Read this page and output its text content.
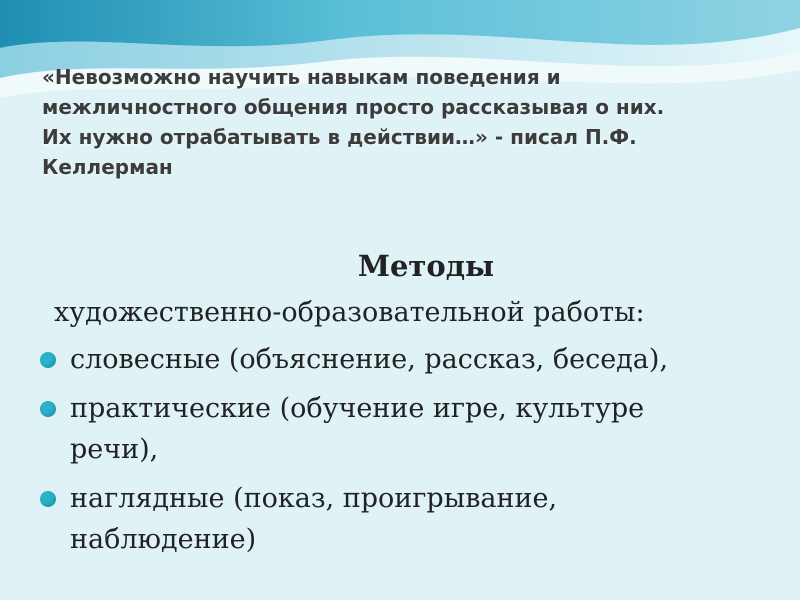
«Невозможно научить навыкам поведения и
межличностного общения просто рассказывая о них.
Их нужно отрабатывать в действии…» - писал П.Ф.
Келлерман
Методы
художественно-образовательной работы:
словесные (объяснение, рассказ, беседа),
практические (обучение игре, культуре
речи),
наглядные (показ, проигрывание,
наблюдение)
